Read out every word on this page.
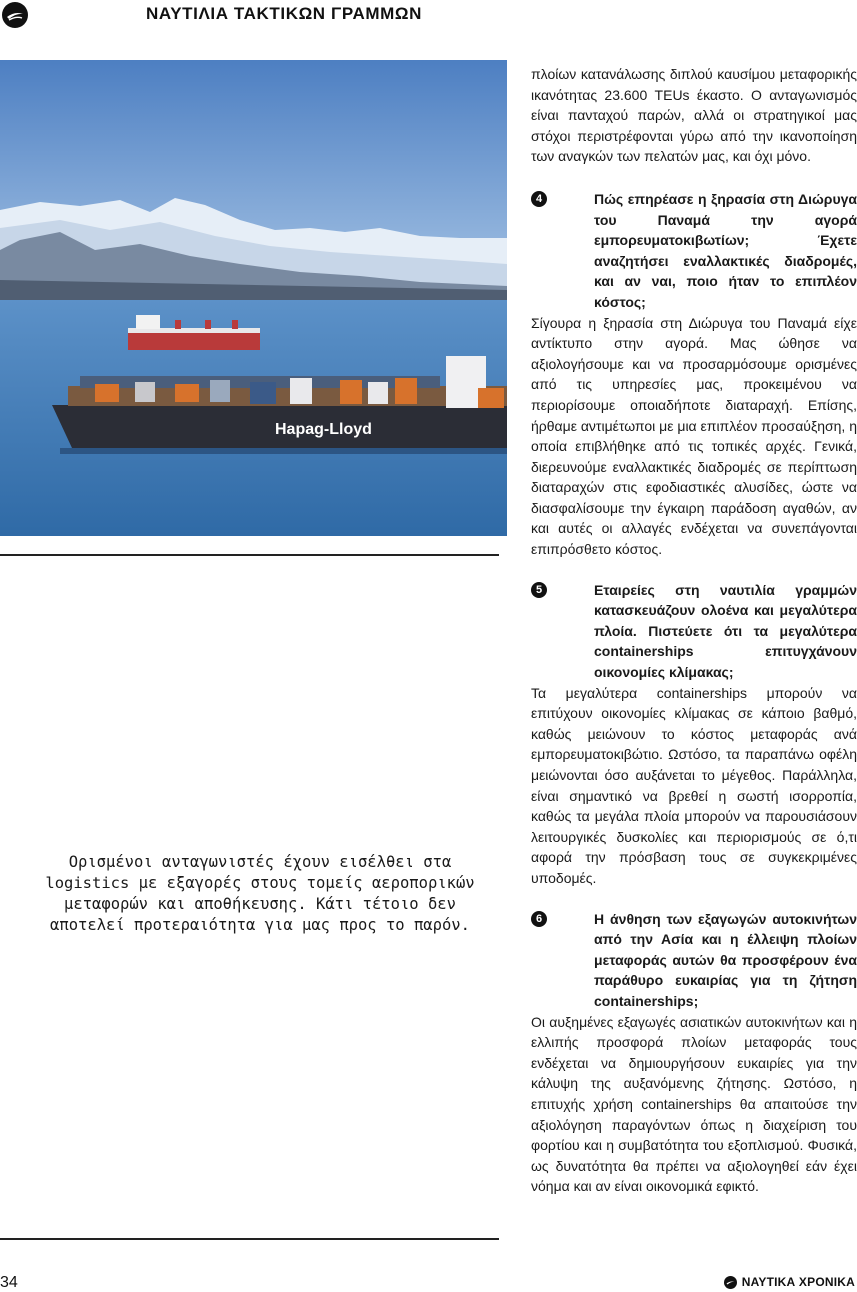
ΝΑΥΤΙΛΙΑ ΤΑΚΤΙΚΩΝ ΓΡΑΜΜΩΝ
Hapag-Lloyd
Ορισμένοι ανταγωνιστές έχουν εισέλθει στα logistics με εξαγορές στους τομείς αεροπορικών μεταφορών και αποθήκευσης. Κάτι τέτοιο δεν αποτελεί προτεραιότητα για μας προς το παρόν.

πλοίων κατανάλωσης διπλού καυσίμου μεταφορικής ικανότητας 23.600 TEUs έκαστο. Ο ανταγωνισμός είναι πανταχού παρών, αλλά οι στρατηγικοί μας στόχοι περιστρέφονται γύρω από την ικανοποίηση των αναγκών των πελατών μας, και όχι μόνο.

4	Πώς επηρέασε η ξηρασία στη Διώρυγα του Παναμά την αγορά εμπορευματοκιβωτίων; Έχετε αναζητήσει εναλλακτικές διαδρομές, και αν ναι, ποιο ήταν το επιπλέον κόστος;

Σίγουρα η ξηρασία στη Διώρυγα του Παναμά είχε αντίκτυπο στην αγορά. Μας ώθησε να αξιολογήσουμε και να προσαρμόσουμε ορισμένες από τις υπηρεσίες μας, προκειμένου να περιορίσουμε οποιαδήποτε διαταραχή. Επίσης, ήρθαμε αντιμέτωποι με μια επιπλέον προσαύξηση, η οποία επιβλήθηκε από τις τοπικές αρχές. Γενικά, διερευνούμε εναλλακτικές διαδρομές σε περίπτωση διαταραχών στις εφοδιαστικές αλυσίδες, ώστε να διασφαλίσουμε την έγκαιρη παράδοση αγαθών, αν και αυτές οι αλλαγές ενδέχεται να συνεπάγονται επιπρόσθετο κόστος.

5	Εταιρείες στη ναυτιλία γραμμών κατασκευάζουν ολοένα και μεγαλύτερα πλοία. Πιστεύετε ότι τα μεγαλύτερα containerships επιτυγχάνουν οικονομίες κλίμακας;

Τα μεγαλύτερα containerships μπορούν να επιτύχουν οικονομίες κλίμακας σε κάποιο βαθμό, καθώς μειώνουν το κόστος μεταφοράς ανά εμπορευματοκιβώτιο. Ωστόσο, τα παραπάνω οφέλη μειώνονται όσο αυξάνεται το μέγεθος. Παράλληλα, είναι σημαντικό να βρεθεί η σωστή ισορροπία, καθώς τα μεγάλα πλοία μπορούν να παρουσιάσουν λειτουργικές δυσκολίες και περιορισμούς σε ό,τι αφορά την πρόσβαση τους σε συγκεκριμένες υποδομές.

6	Η άνθηση των εξαγωγών αυτοκινήτων από την Ασία και η έλλειψη πλοίων μεταφοράς αυτών θα προσφέρουν ένα παράθυρο ευκαιρίας για τη ζήτηση containerships;

Οι αυξημένες εξαγωγές ασιατικών αυτοκινήτων και η ελλιπής προσφορά πλοίων μεταφοράς τους ενδέχεται να δημιουργήσουν ευκαιρίες για την κάλυψη της αυξανόμενης ζήτησης. Ωστόσο, η επιτυχής χρήση containerships θα απαιτούσε την αξιολόγηση παραγόντων όπως η διαχείριση του φορτίου και η συμβατότητα του εξοπλισμού. Φυσικά, ως δυνατότητα θα πρέπει να αξιολογηθεί εάν έχει νόημα και αν είναι οικονομικά εφικτό.

34	ΝΑΥΤΙΚΑ ΧΡΟΝΙΚΑ
